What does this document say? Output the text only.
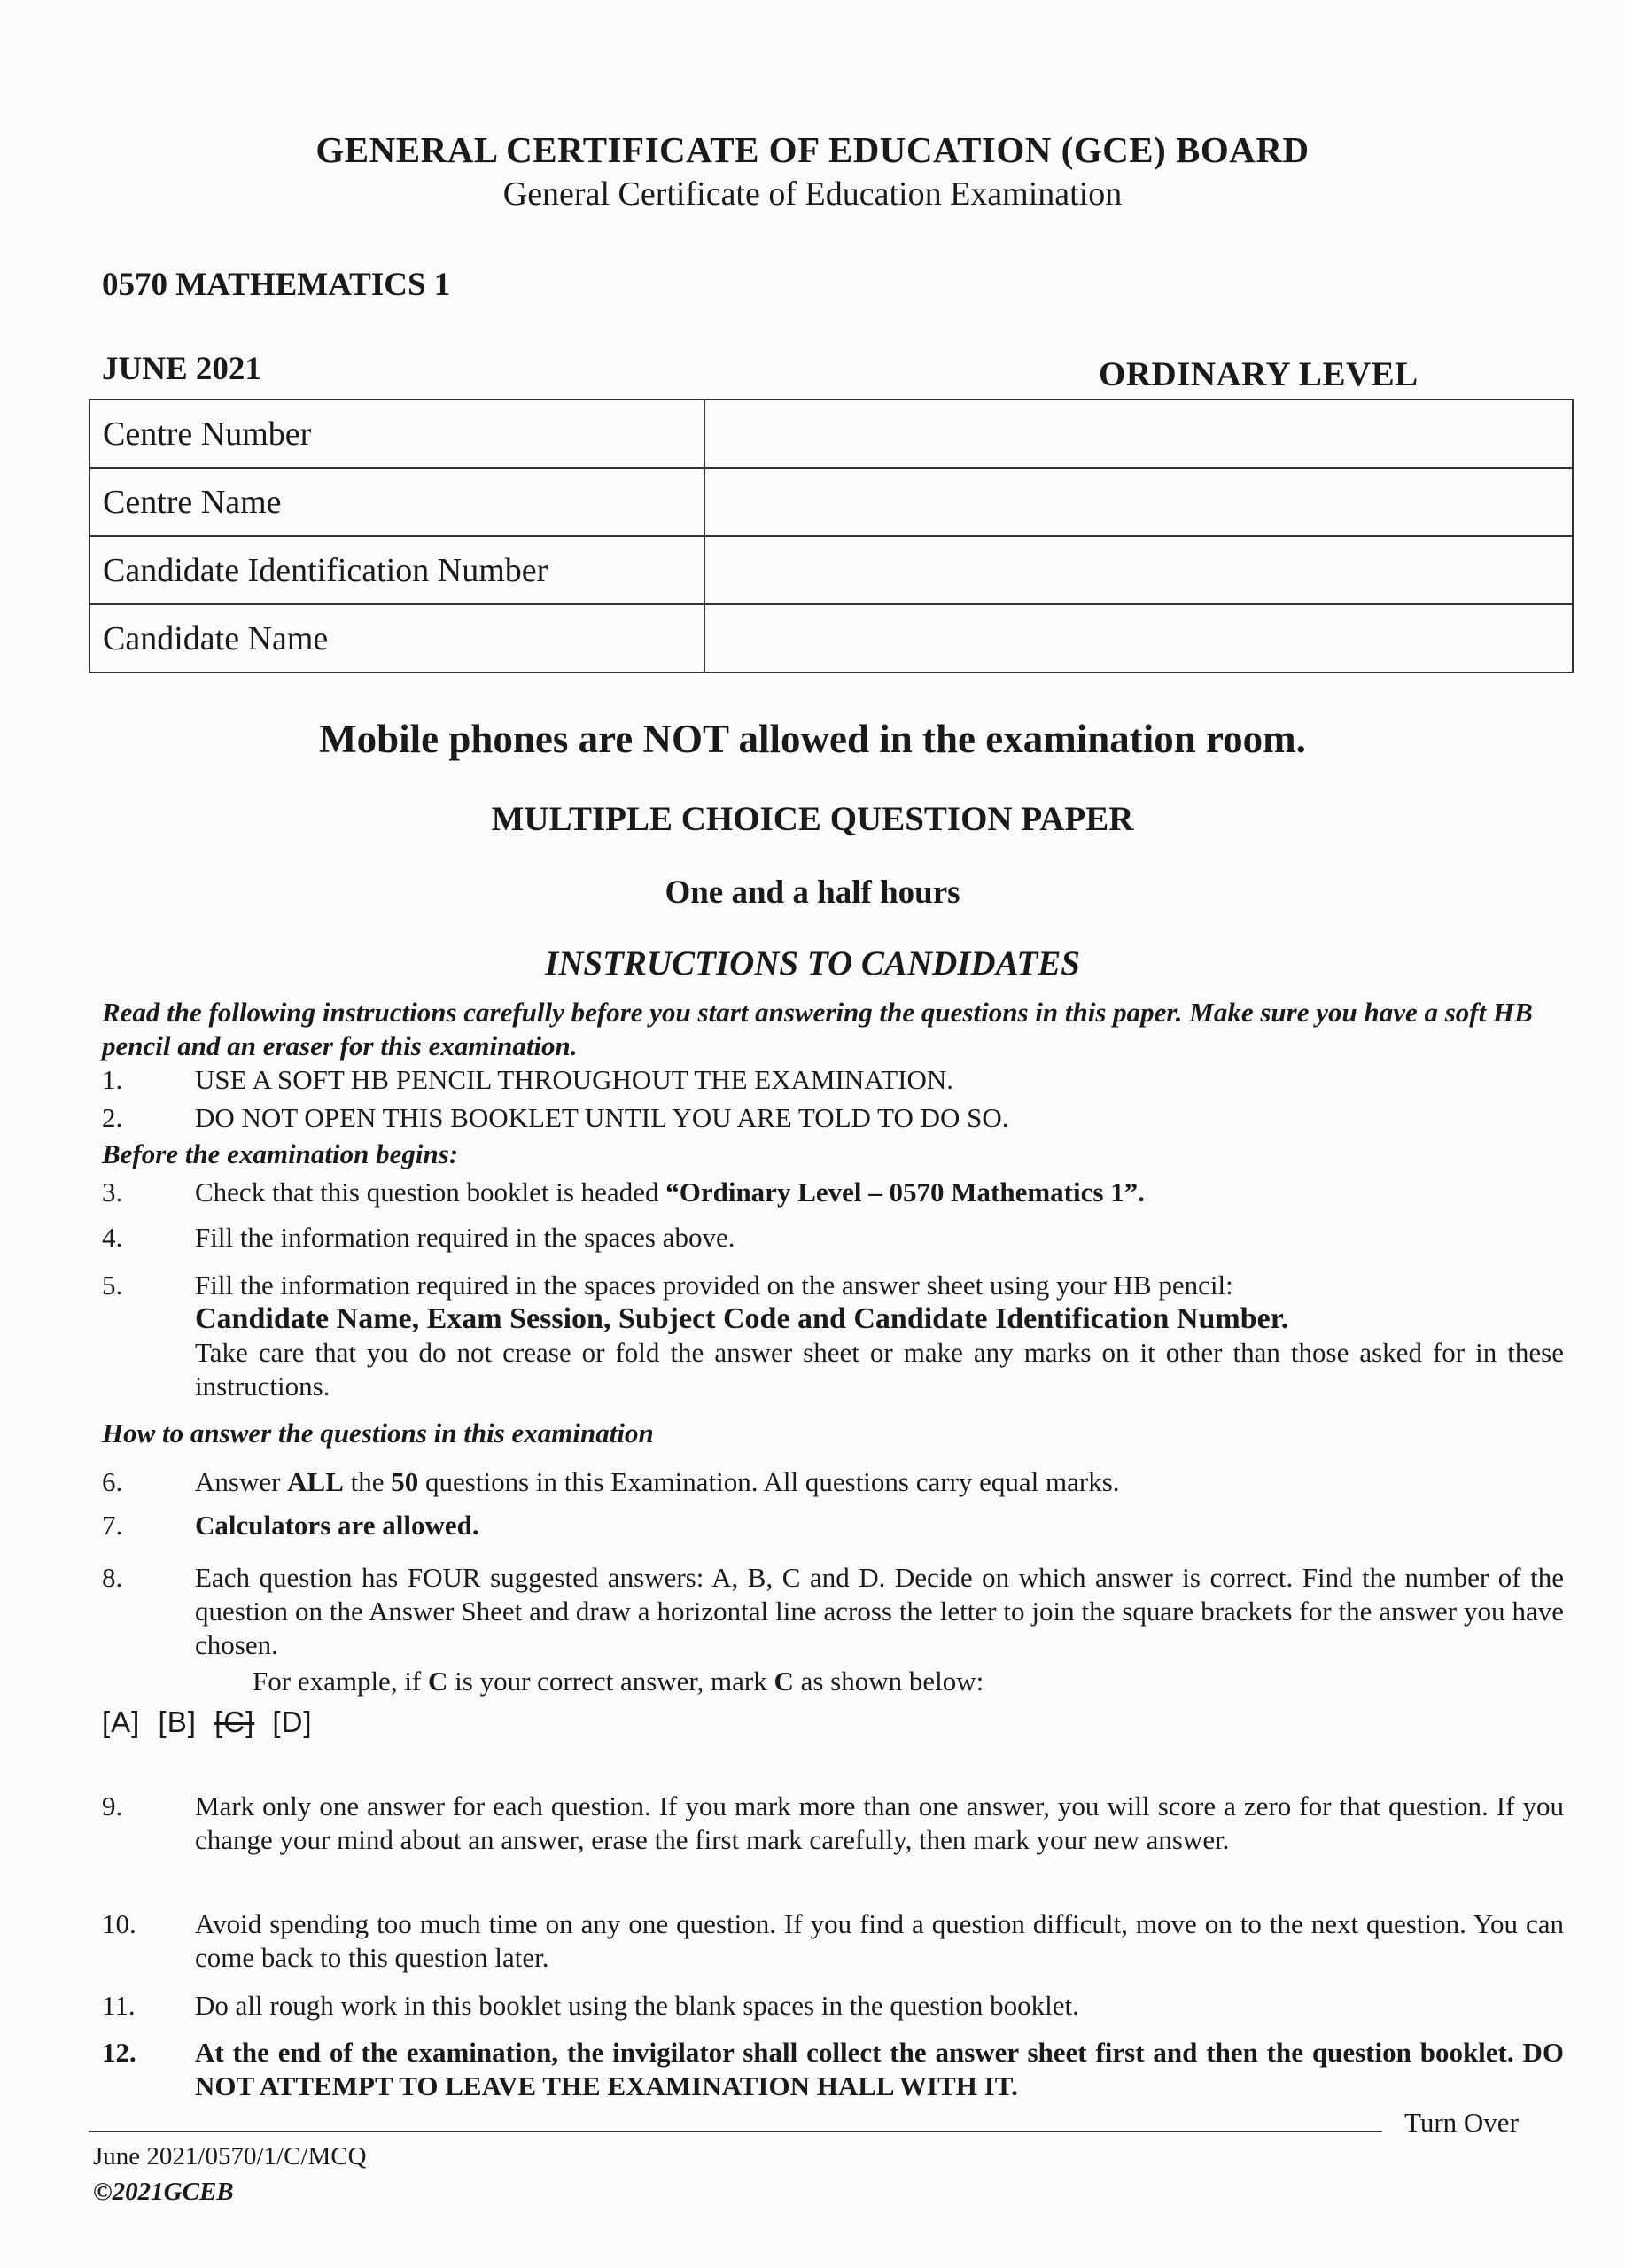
GENERAL CERTIFICATE OF EDUCATION (GCE) BOARD
General Certificate of Education Examination
0570 MATHEMATICS 1
JUNE 2021	ORDINARY LEVEL
Centre Number	
Centre Name	
Candidate Identification Number	
Candidate Name	
Mobile phones are NOT allowed in the examination room.
MULTIPLE CHOICE QUESTION PAPER
One and a half hours
INSTRUCTIONS TO CANDIDATES
Read the following instructions carefully before you start answering the questions in this paper. Make sure you have a soft HB pencil and an eraser for this examination.
1.	USE A SOFT HB PENCIL THROUGHOUT THE EXAMINATION.
2.	DO NOT OPEN THIS BOOKLET UNTIL YOU ARE TOLD TO DO SO.
Before the examination begins:
3.	Check that this question booklet is headed “Ordinary Level – 0570 Mathematics 1”.
4.	Fill the information required in the spaces above.
5.	Fill the information required in the spaces provided on the answer sheet using your HB pencil:
Candidate Name, Exam Session, Subject Code and Candidate Identification Number.
Take care that you do not crease or fold the answer sheet or make any marks on it other than those asked for in these instructions.
How to answer the questions in this examination
6.	Answer ALL the 50 questions in this Examination. All questions carry equal marks.
7.	Calculators are allowed.
8.	Each question has FOUR suggested answers: A, B, C and D. Decide on which answer is correct. Find the number of the question on the Answer Sheet and draw a horizontal line across the letter to join the square brackets for the answer you have chosen.
For example, if C is your correct answer, mark C as shown below:
[A] [B] [C] [D]
9.	Mark only one answer for each question. If you mark more than one answer, you will score a zero for that question. If you change your mind about an answer, erase the first mark carefully, then mark your new answer.
10.	Avoid spending too much time on any one question. If you find a question difficult, move on to the next question. You can come back to this question later.
11.	Do all rough work in this booklet using the blank spaces in the question booklet.
12.	At the end of the examination, the invigilator shall collect the answer sheet first and then the question booklet. DO NOT ATTEMPT TO LEAVE THE EXAMINATION HALL WITH IT.
Turn Over
June 2021/0570/1/C/MCQ
©2021GCEB
